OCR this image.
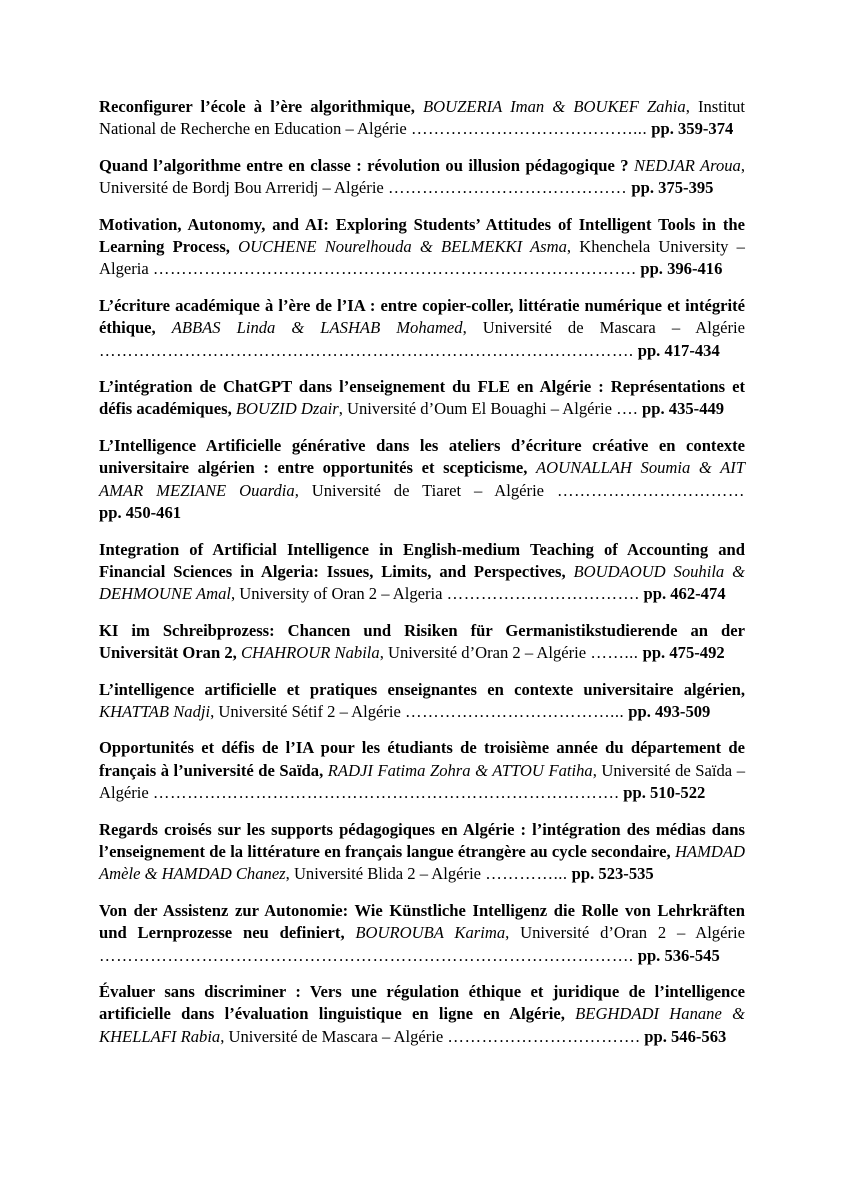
Reconfigurer l’école à l’ère algorithmique, BOUZERIA Iman & BOUKEF Zahia, Institut National de Recherche en Education – Algérie …………………………………... pp. 359-374

Quand l’algorithme entre en classe : révolution ou illusion pédagogique ? NEDJAR Aroua, Université de Bordj Bou Arreridj – Algérie …………………………………… pp. 375-395

Motivation, Autonomy, and AI: Exploring Students’ Attitudes of Intelligent Tools in the Learning Process, OUCHENE Nourelhouda & BELMEKKI Asma, Khenchela University – Algeria …………………………………………………………………………. pp. 396-416

L’écriture académique à l’ère de l’IA : entre copier-coller, littératie numérique et intégrité éthique, ABBAS Linda & LASHAB Mohamed, Université de Mascara – Algérie …………………………………………………………………………………. pp. 417-434

L’intégration de ChatGPT dans l’enseignement du FLE en Algérie : Représentations et défis académiques, BOUZID Dzair, Université d’Oum El Bouaghi – Algérie …. pp. 435-449

L’Intelligence Artificielle générative dans les ateliers d’écriture créative en contexte universitaire algérien : entre opportunités et scepticisme, AOUNALLAH Soumia & AIT AMAR MEZIANE Ouardia, Université de Tiaret – Algérie …………………………… pp. 450-461

Integration of Artificial Intelligence in English-medium Teaching of Accounting and Financial Sciences in Algeria: Issues, Limits, and Perspectives, BOUDAOUD Souhila & DEHMOUNE Amal, University of Oran 2 – Algeria ……………………………. pp. 462-474

KI im Schreibprozess: Chancen und Risiken für Germanistikstudierende an der Universität Oran 2, CHAHROUR Nabila, Université d’Oran 2 – Algérie ……... pp. 475-492

L’intelligence artificielle et pratiques enseignantes en contexte universitaire algérien, KHATTAB Nadji, Université Sétif 2 – Algérie ………………………………... pp. 493-509

Opportunités et défis de l’IA pour les étudiants de troisième année du département de français à l’université de Saïda, RADJI Fatima Zohra & ATTOU Fatiha, Université de Saïda – Algérie ………………………………………………………………………. pp. 510-522

Regards croisés sur les supports pédagogiques en Algérie : l’intégration des médias dans l’enseignement de la littérature en français langue étrangère au cycle secondaire, HAMDAD Amèle & HAMDAD Chanez, Université Blida 2 – Algérie …………... pp. 523-535

Von der Assistenz zur Autonomie: Wie Künstliche Intelligenz die Rolle von Lehrkräften und Lernprozesse neu definiert, BOUROUBA Karima, Université d’Oran 2 – Algérie …………………………………………………………………………………. pp. 536-545

Évaluer sans discriminer : Vers une régulation éthique et juridique de l’intelligence artificielle dans l’évaluation linguistique en ligne en Algérie, BEGHDADI Hanane & KHELLAFI Rabia, Université de Mascara – Algérie ……………………………. pp. 546-563
